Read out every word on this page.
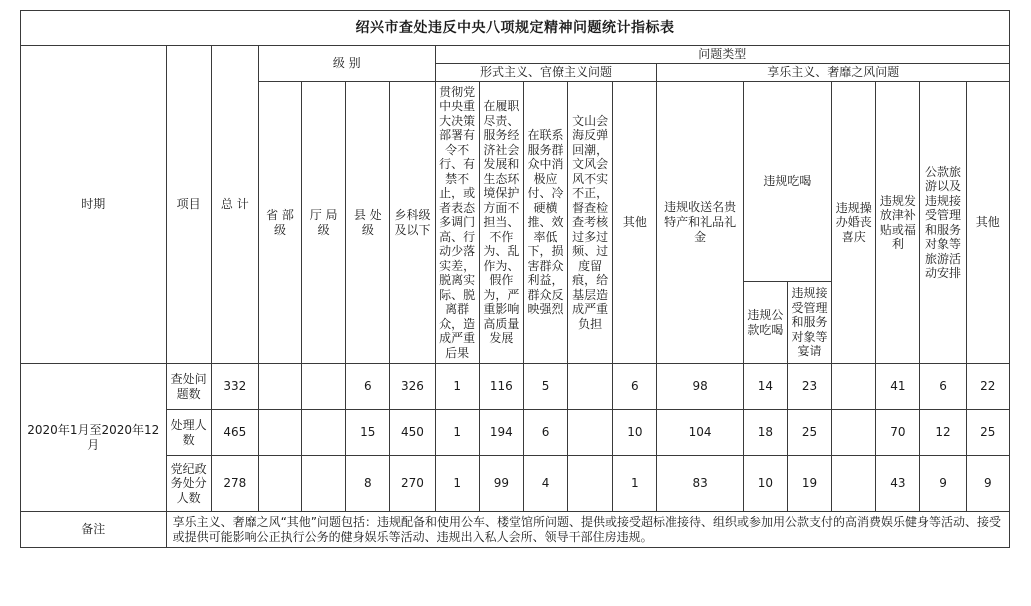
绍兴市查处违反中央八项规定精神问题统计指标表																		
时期	项目	总 计	级 别				问题类型											
							形式主义、官僚主义问题					享乐主义、奢靡之风问题						
			省 部 级	厅 局 级	县 处 级	乡科级及以下	贯彻党中央重大决策部署有令不行、有禁不止，或者表态多调门高、行动少落实差，脱离实际、脱离群众，造成严重后果	在履职尽责、服务经济社会发展和生态环境保护方面不担当、不作为、乱作为、假作为，严重影响高质量发展	在联系服务群众中消极应付、冷硬横推、效率低下，损害群众利益，群众反映强烈	文山会海反弹回潮，文风会风不实不正，督查检查考核过多过频、过度留痕，给基层造成严重负担	其他	违规收送名贵特产和礼品礼金	违规吃喝		违规操办婚丧喜庆	违规发放津补贴或福利	公款旅游以及违规接受管理和服务对象等旅游活动安排	其他
													违规公款吃喝	违规接受管理和服务对象等宴请				

2020年1月至2020年12月	查处问题数	332			6	326	1	116	5		6	98	14	23		41	6	22
	处理人数	465			15	450	1	194	6		10	104	18	25		70	12	25
	党纪政务处分人数	278			8	270	1	99	4		1	83	10	19		43	9	9
备注	享乐主义、奢靡之风“其他”问题包括：违规配备和使用公车、楼堂馆所问题、提供或接受超标准接待、组织或参加用公款支付的高消费娱乐健身等活动、接受或提供可能影响公正执行公务的健身娱乐等活动、违规出入私人会所、领导干部住房违规。																	
